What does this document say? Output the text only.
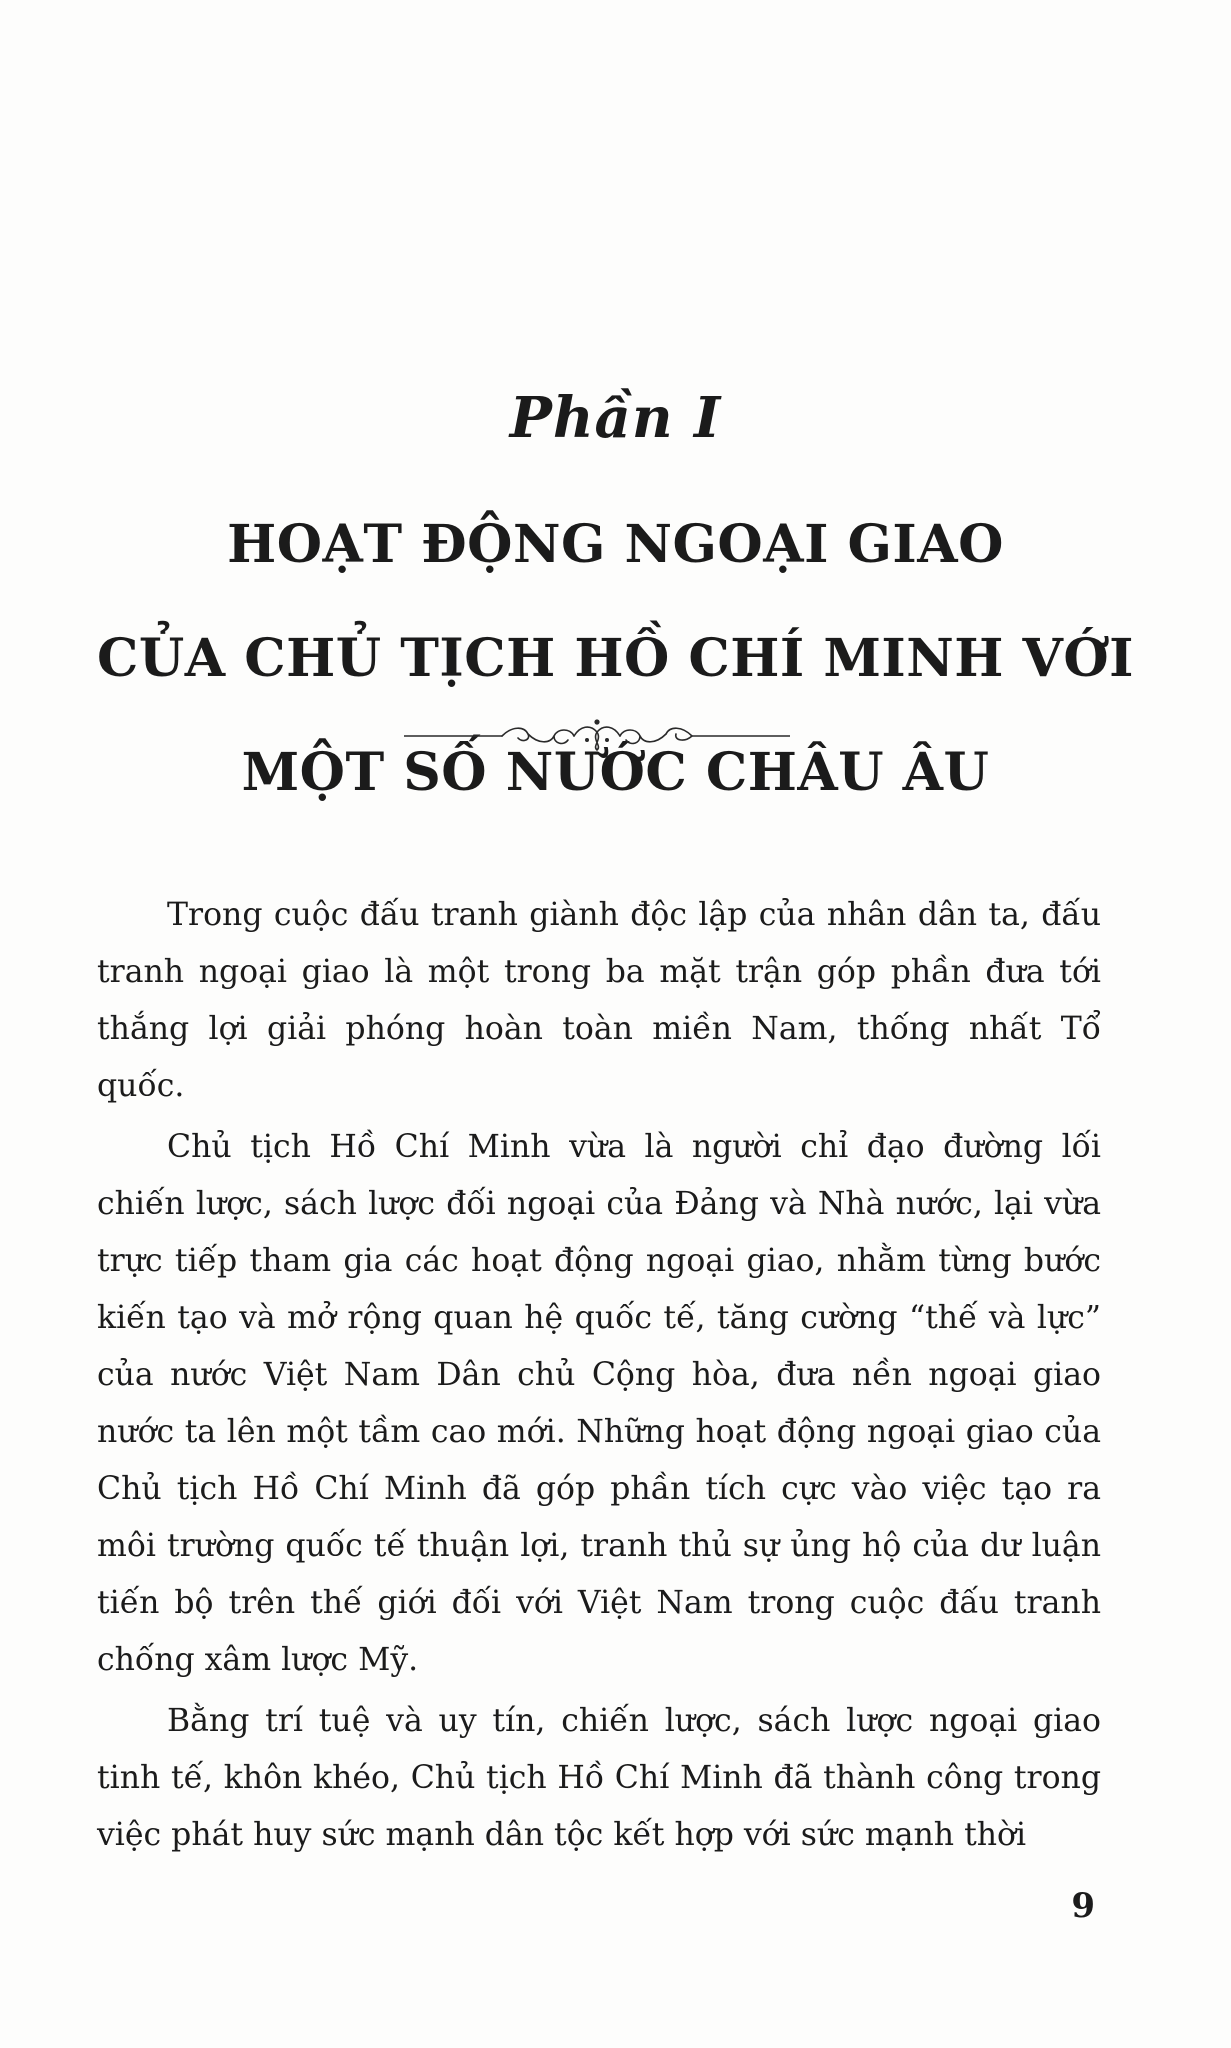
Phần I
HOẠT ĐỘNG NGOẠI GIAO
CỦA CHỦ TỊCH HỒ CHÍ MINH VỚI
MỘT SỐ NƯỚC CHÂU ÂU

Trong cuộc đấu tranh giành độc lập của nhân dân ta, đấu tranh ngoại giao là một trong ba mặt trận góp phần đưa tới thắng lợi giải phóng hoàn toàn miền Nam, thống nhất Tổ quốc.

Chủ tịch Hồ Chí Minh vừa là người chỉ đạo đường lối chiến lược, sách lược đối ngoại của Đảng và Nhà nước, lại vừa trực tiếp tham gia các hoạt động ngoại giao, nhằm từng bước kiến tạo và mở rộng quan hệ quốc tế, tăng cường “thế và lực” của nước Việt Nam Dân chủ Cộng hòa, đưa nền ngoại giao nước ta lên một tầm cao mới. Những hoạt động ngoại giao của Chủ tịch Hồ Chí Minh đã góp phần tích cực vào việc tạo ra môi trường quốc tế thuận lợi, tranh thủ sự ủng hộ của dư luận tiến bộ trên thế giới đối với Việt Nam trong cuộc đấu tranh chống xâm lược Mỹ.

Bằng trí tuệ và uy tín, chiến lược, sách lược ngoại giao tinh tế, khôn khéo, Chủ tịch Hồ Chí Minh đã thành công trong việc phát huy sức mạnh dân tộc kết hợp với sức mạnh thời

9
